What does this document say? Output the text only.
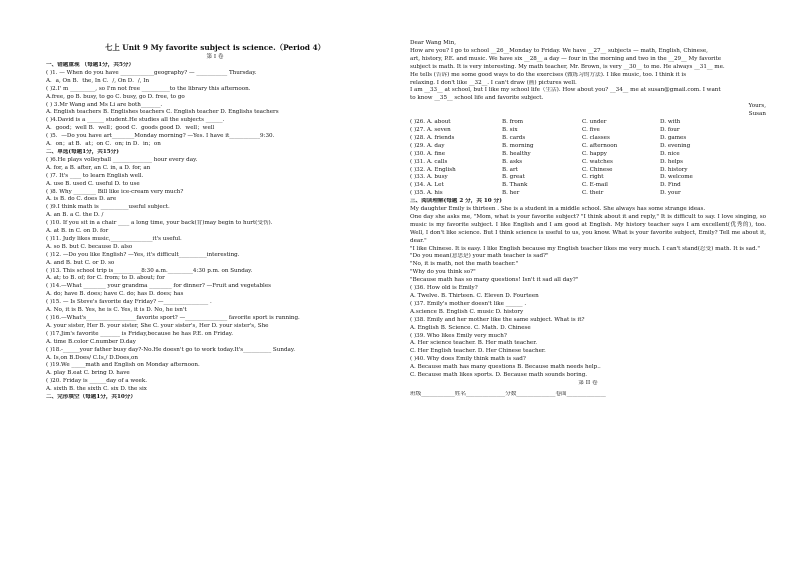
七上 Unit 9 My favorite subject is science.（Period 4）
第 I 卷
一、错题重现 （每题1分，共5分）
( )1. — When do you have ____________geography? — ___________ Thursday.
A．a, On B．the, In C．/, On D．/, In
( )2.I' m _________, so I'm not free __________to the library this afternoon.
A.free, go B. busy, to go C. busy, go D. free, to go
( ) 3.Mr Wang and Ms Li are both_______.
A. English teachers B. Englishes teachers C. English teacher D. Englishs teachers
( )4.David is a ______ student.He studies all the subjects ______.
A．good；well B．well；good C．goods good D．well；well
( )5．—Do you have art________Monday morning? —Yes. I have it___________9:30.
A．on；at B．at；on C．on; in D．in；on
二、单选(每题1分，共15分)
( )6.He plays volleyball ______________ hour every day.
A. for, a B. after, an C. in, a D. for, an
( )7. It's ____ to learn English well.
A. use B. used C. useful D. to use
( )8. Why ________ Bill like ice-cream very much?
A. is B. do C. does D. are
( )9.I think math is __________useful subject.
A. an B. a C. the D. /
( )10. If you sit in a chair ____ a long time, your back(背)may begin to hurt(受伤).
A. at B. in C. on D. for
( )11. Judy likes music,_______________it's useful.
A. so B. but C. because D. also
( )12. —Do you like English? —Yes, it's difficult__________interesting.
A. and B. but C. or D. so
( )13. This school trip is__________8:30 a.m._________4:30 p.m. on Sunday.
A. at; to B. of; for C. from; to D. about; for
( )14.—What ________ your grandma ________ for dinner? —Fruit and vegetables
A. do; have B. does; have C. do; has D. does; has
( )15. — Is Steve's favorite day Friday? —________________ .
A. No, it is B. Yes, he is C. Yes, it is D. No, he isn't
( )16.—What's__________________favorite sport? —_______________ favorite sport is running.
A. your sister, Her B. your sister, She C. your sister's, Her D. your sister's, She
( )17.Jim's favorite _______ is Friday,because he has P.E. on Friday.
A. time B.color C.number D.day
( )18.-______your father busy day?-No.He doesn't go to work today.It's__________ Sunday.
A. Is,on B.Does/ C.Is,/ D.Does,on
( )19.We _____math and English on Monday afternoon.
A. play B.eat C. bring D. have
( )20. Friday is ______day of a week.
A. sixth B. the sixth C. six D. the six
二、完形填空（每题1分，共10分）
Dear Wang Min,
How are you? I go to school __26__Monday to Friday. We have __27__ subjects — math, English, Chinese,
art, history, P.E. and music. We have six __28__ a day — four in the morning and two in the __29__ My favorite
subject is math. It is very interesting. My math teacher, Mr. Brown, is very __30__ to me. He always __31__ me.
He tells (告诉) me some good ways to do the exercises (做练习的方法). I like music, too. I think it is
relaxing. I don't like __32__. I can't draw (画) pictures well.
I am __33__ at school, but I like my school life（生活). How about you? __34__ me at susan@gmail.com. I want
to know __35__ school life and favorite subject.
Yours,
Susan
( )26. A. about	B. from	C. under	D. with
( )27. A. seven	B. six	C. five	D. four
( )28. A. friends	B. cards	C. classes	D. games
( )29. A. day	B. morning	C. afternoon	D. evening
( )30. A. fine	B. healthy	C. happy	D. nice
( )31. A. calls	B. asks	C. watches	D. helps
( )32. A. English	B. art	C. Chinese	D. history
( )33. A. busy	B. great	C. right	D. welcome
( )34. A. Let	B. Thank	C. E-mail	D. Find
( )35. A. his	B. her	C. their	D. your
三、阅读理解(每题 2 分，共 10 分)
My daughter Emily is thirteen . She is a student in a middle school. She always has some strange ideas.
One day she asks me, "Mom, what is your favorite subject? "I think about it and reply," It is difficult to say. I love singing, so music is my favorite subject. I like English and I am good at English. My history teacher says I am excellent(优秀的), too. Well, I don't like science. But I think science is useful to us, you know. What is your favorite subject, Emily? Tell me about it, dear."
"I like Chinese. It is easy. I like English because my English teacher likes me very much. I can't stand(忍受) math. It is sad."
"Do you mean(意思是) your math teacher is sad?"
"No, it is math, not the math teacher."
"Why do you think so?"
"Because math has so many questions! Isn't it sad all day?"
( )36. How old is Emily?
A. Twelve. B. Thirteen. C. Eleven D. Fourteen
( )37. Emily's mother doesn't like ______ .
A.science B. English C. music D. history
( )38. Emily and her mother like the same subject. What is it?
A. English B. Science. C. Math. D. Chinese
( )39. Who likes Emily very much?
A. Her science teacher. B. Her math teacher.
C. Her English teacher. D. Her Chinese teacher.
( )40. Why does Emily think math is sad?
A. Because math has many questions B. Because math needs help..
C. Because math likes sports. D. Because math sounds boring.
第 II 卷
班级____________姓名______________分数______________卷面______________
